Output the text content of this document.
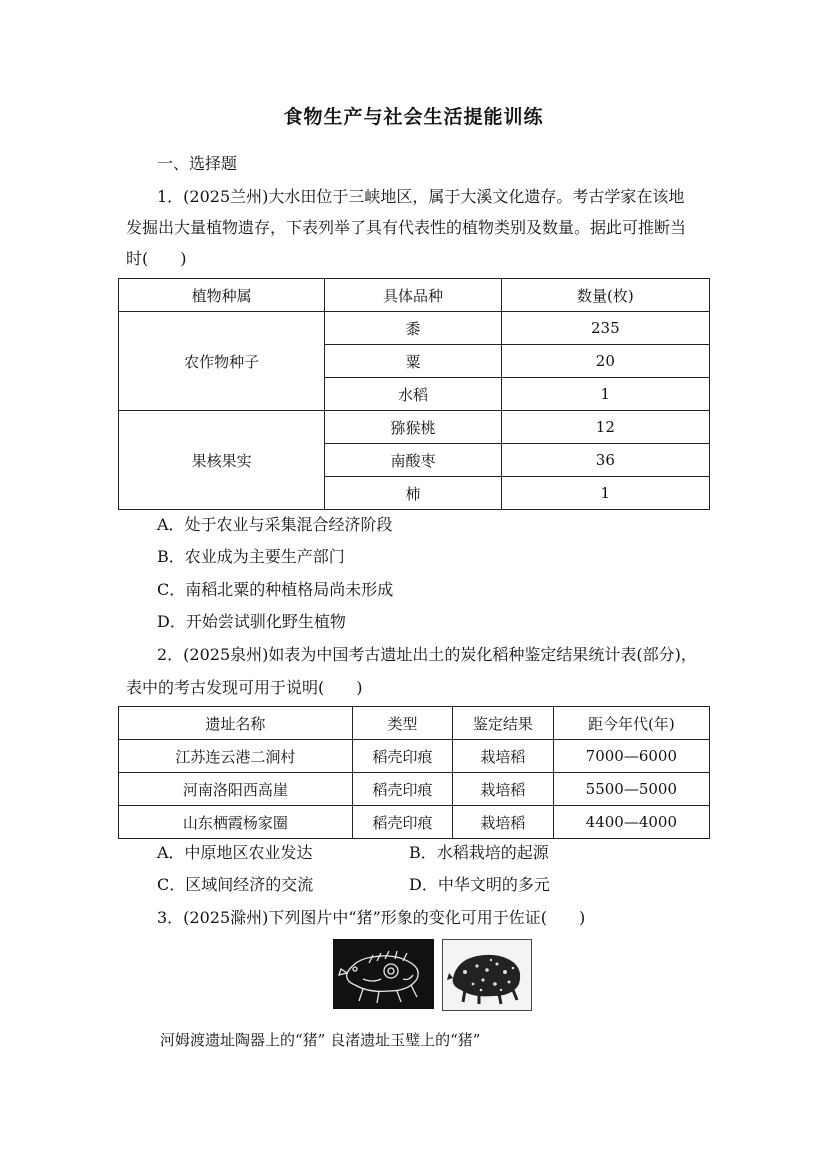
食物生产与社会生活提能训练
一、选择题
1．(2025兰州)大水田位于三峡地区，属于大溪文化遗存。考古学家在该地
发掘出大量植物遗存，下表列举了具有代表性的植物类别及数量。据此可推断当
时(　　)
植物种属	具体品种	数量(枚)
农作物种子	黍	235
	粟	20
	水稻	1
果核果实	猕猴桃	12
	南酸枣	36
	柿	1
A．处于农业与采集混合经济阶段
B．农业成为主要生产部门
C．南稻北粟的种植格局尚未形成
D．开始尝试驯化野生植物
2．(2025泉州)如表为中国考古遗址出土的炭化稻种鉴定结果统计表(部分)，
表中的考古发现可用于说明(　　)
遗址名称	类型	鉴定结果	距今年代(年)
江苏连云港二涧村	稻壳印痕	栽培稻	7000—6000
河南洛阳西高崖	稻壳印痕	栽培稻	5500—5000
山东栖霞杨家圈	稻壳印痕	栽培稻	4400—4000
A．中原地区农业发达	B．水稻栽培的起源
C．区域间经济的交流	D．中华文明的多元
3．(2025滁州)下列图片中“猪”形象的变化可用于佐证(　　)
河姆渡遗址陶器上的“猪” 良渚遗址玉璧上的“猪”
